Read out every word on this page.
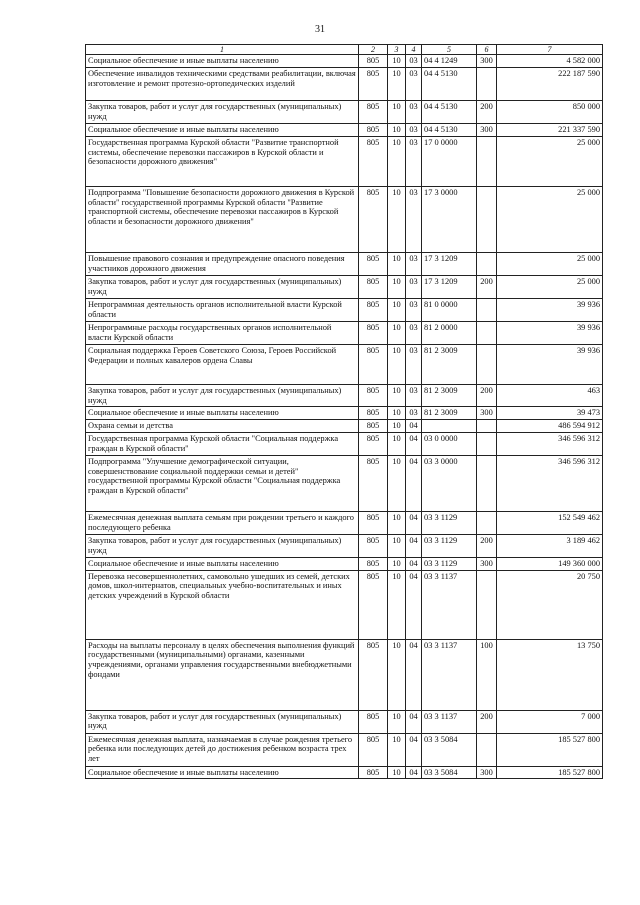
31
1	2	3	4	5	6	7
Социальное обеспечение и иные выплаты населению	805	10	03	04 4 1249	300	4 582 000
Обеспечение инвалидов техническими средствами реабилитации, включая изготовление и ремонт протезно-ортопедических изделий	805	10	03	04 4 5130		222 187 590
Закупка товаров, работ и услуг для государственных (муниципальных) нужд	805	10	03	04 4 5130	200	850 000
Социальное обеспечение и иные выплаты населению	805	10	03	04 4 5130	300	221 337 590
Государственная программа Курской области "Развитие транспортной системы, обеспечение перевозки пассажиров в Курской области и безопасности дорожного движения"	805	10	03	17 0 0000		25 000
Подпрограмма "Повышение безопасности дорожного движения в Курской области" государственной программы Курской области "Развитие транспортной системы, обеспечение перевозки пассажиров в Курской области и безопасности дорожного движения"	805	10	03	17 3 0000		25 000
Повышение правового сознания и предупреждение опасного поведения участников дорожного движения	805	10	03	17 3 1209		25 000
Закупка товаров, работ и услуг для государственных (муниципальных) нужд	805	10	03	17 3 1209	200	25 000
Непрограммная деятельность органов исполнительной власти Курской области	805	10	03	81 0 0000		39 936
Непрограммные расходы государственных органов исполнительной власти Курской области	805	10	03	81 2 0000		39 936
Социальная поддержка Героев Советского Союза, Героев Российской Федерации и полных кавалеров ордена Славы	805	10	03	81 2 3009		39 936
Закупка товаров, работ и услуг для государственных (муниципальных) нужд	805	10	03	81 2 3009	200	463
Социальное обеспечение и иные выплаты населению	805	10	03	81 2 3009	300	39 473
Охрана семьи и детства	805	10	04			486 594 912
Государственная программа Курской области "Социальная поддержка граждан в Курской области"	805	10	04	03 0 0000		346 596 312
Подпрограмма "Улучшение демографической ситуации, совершенствование социальной поддержки семьи и детей" государственной программы Курской области "Социальная поддержка граждан в Курской области"	805	10	04	03 3 0000		346 596 312
Ежемесячная денежная выплата семьям при рождении третьего и каждого последующего ребенка	805	10	04	03 3 1129		152 549 462
Закупка товаров, работ и услуг для государственных (муниципальных) нужд	805	10	04	03 3 1129	200	3 189 462
Социальное обеспечение и иные выплаты населению	805	10	04	03 3 1129	300	149 360 000
Перевозка несовершеннолетних, самовольно ушедших из семей, детских домов, школ-интернатов, специальных учебно-воспитательных и иных детских учреждений в Курской области	805	10	04	03 3 1137		20 750
Расходы на выплаты персоналу в целях обеспечения выполнения функций государственными (муниципальными) органами, казенными учреждениями, органами управления государственными внебюджетными фондами	805	10	04	03 3 1137	100	13 750
Закупка товаров, работ и услуг для государственных (муниципальных) нужд	805	10	04	03 3 1137	200	7 000
Ежемесячная денежная выплата, назначаемая в случае рождения третьего ребенка или последующих детей до достижения ребенком возраста трех лет	805	10	04	03 3 5084		185 527 800
Социальное обеспечение и иные выплаты населению	805	10	04	03 3 5084	300	185 527 800
